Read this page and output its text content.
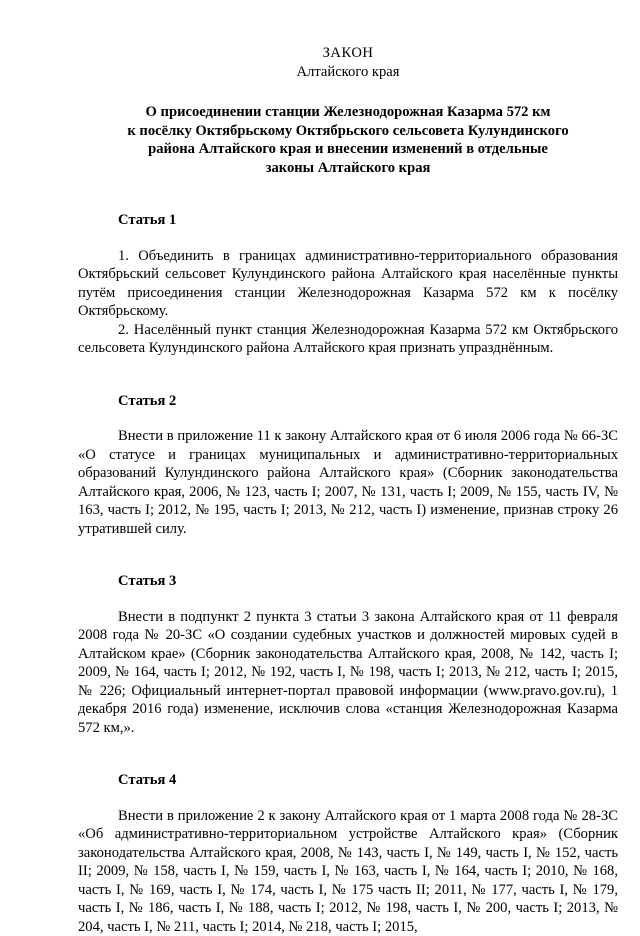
ЗАКОН

Алтайского края

О присоединении станции Железнодорожная Казарма 572 км
к посёлку Октябрьскому Октябрьского сельсовета Кулундинского
района Алтайского края и внесении изменений в отдельные
законы Алтайского края

Статья 1

1. Объединить в границах административно-территориального образования Октябрьский сельсовет Кулундинского района Алтайского края населённые пункты путём присоединения станции Железнодорожная Казарма 572 км к посёлку Октябрьскому.

2. Населённый пункт станция Железнодорожная Казарма 572 км Октябрьского сельсовета Кулундинского района Алтайского края признать упразднённым.

Статья 2

Внести в приложение 11 к закону Алтайского края от 6 июля 2006 года № 66-ЗС «О статусе и границах муниципальных и административно-территориальных образований Кулундинского района Алтайского края» (Сборник законодательства Алтайского края, 2006, № 123, часть I; 2007, № 131, часть I; 2009, № 155, часть IV, № 163, часть I; 2012, № 195, часть I; 2013, № 212, часть I) изменение, признав строку 26 утратившей силу.

Статья 3

Внести в подпункт 2 пункта 3 статьи 3 закона Алтайского края от 11 февраля 2008 года № 20-ЗС «О создании судебных участков и должностей мировых судей в Алтайском крае» (Сборник законодательства Алтайского края, 2008, № 142, часть I; 2009, № 164, часть I; 2012, № 192, часть I, № 198, часть I; 2013, № 212, часть I; 2015, № 226; Официальный интернет-портал правовой информации (www.pravo.gov.ru), 1 декабря 2016 года) изменение, исключив слова «станция Железнодорожная Казарма 572 км,».

Статья 4

Внести в приложение 2 к закону Алтайского края от 1 марта 2008 года № 28-ЗС «Об административно-территориальном устройстве Алтайского края» (Сборник законодательства Алтайского края, 2008, № 143, часть I, № 149, часть I, № 152, часть II; 2009, № 158, часть I, № 159, часть I, № 163, часть I, № 164, часть I; 2010, № 168, часть I, № 169, часть I, № 174, часть I, № 175 часть II; 2011, № 177, часть I, № 179, часть I, № 186, часть I, № 188, часть I; 2012, № 198, часть I, № 200, часть I; 2013, № 204, часть I, № 211, часть I; 2014, № 218, часть I; 2015,
